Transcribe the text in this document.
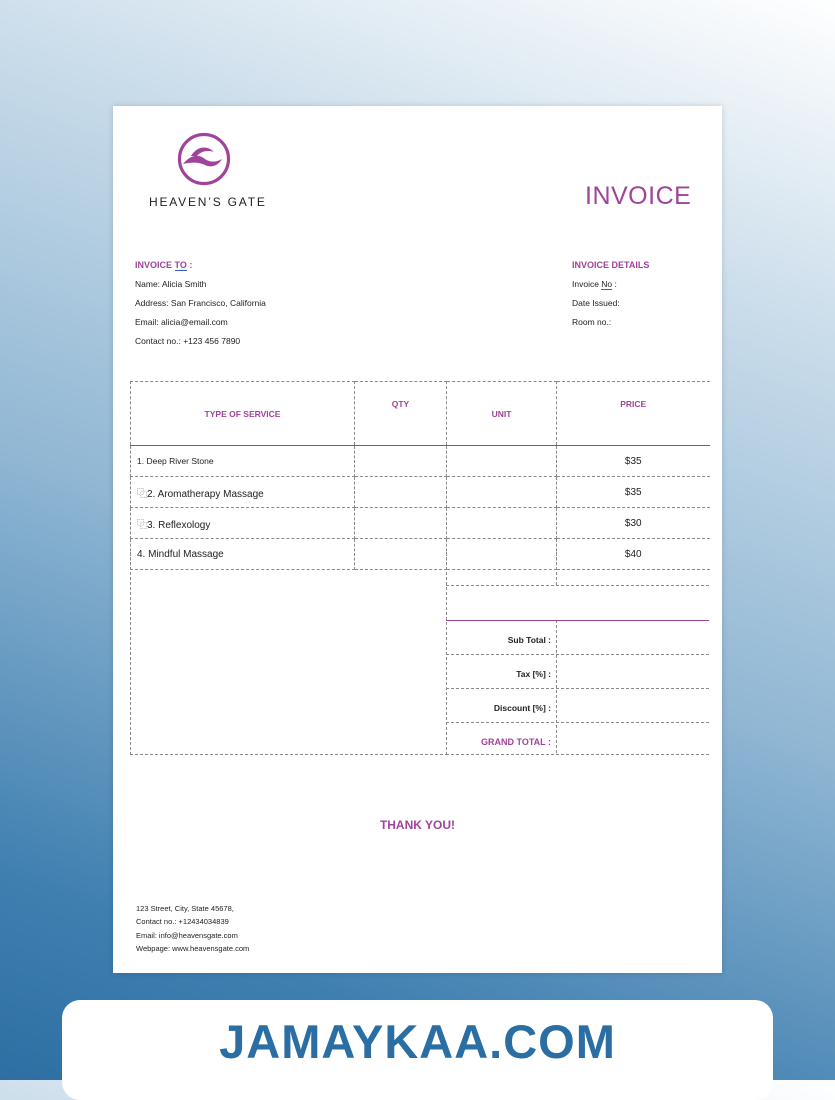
HEAVEN’S GATE	INVOICE
INVOICE TO :
Name: Alicia Smith
Address: San Francisco, California
Email: alicia@email.com
Contact no.: +123 456 7890
INVOICE DETAILS
Invoice No :
Date Issued:
Room no.:
TYPE OF SERVICE	QTY	UNIT	PRICE
1. Deep River Stone			$35
⿻2. Aromatherapy Massage			$35
⿻3. Reflexology			$30
4. Mindful Massage			$40
Sub Total :
Tax [%] :
Discount [%] :
GRAND TOTAL :
THANK YOU!
123 Street, City, State 45678,
Contact no.: +12434034839
Email: info@heavensgate.com
Webpage: www.heavensgate.com
JAMAYKAA.COM
